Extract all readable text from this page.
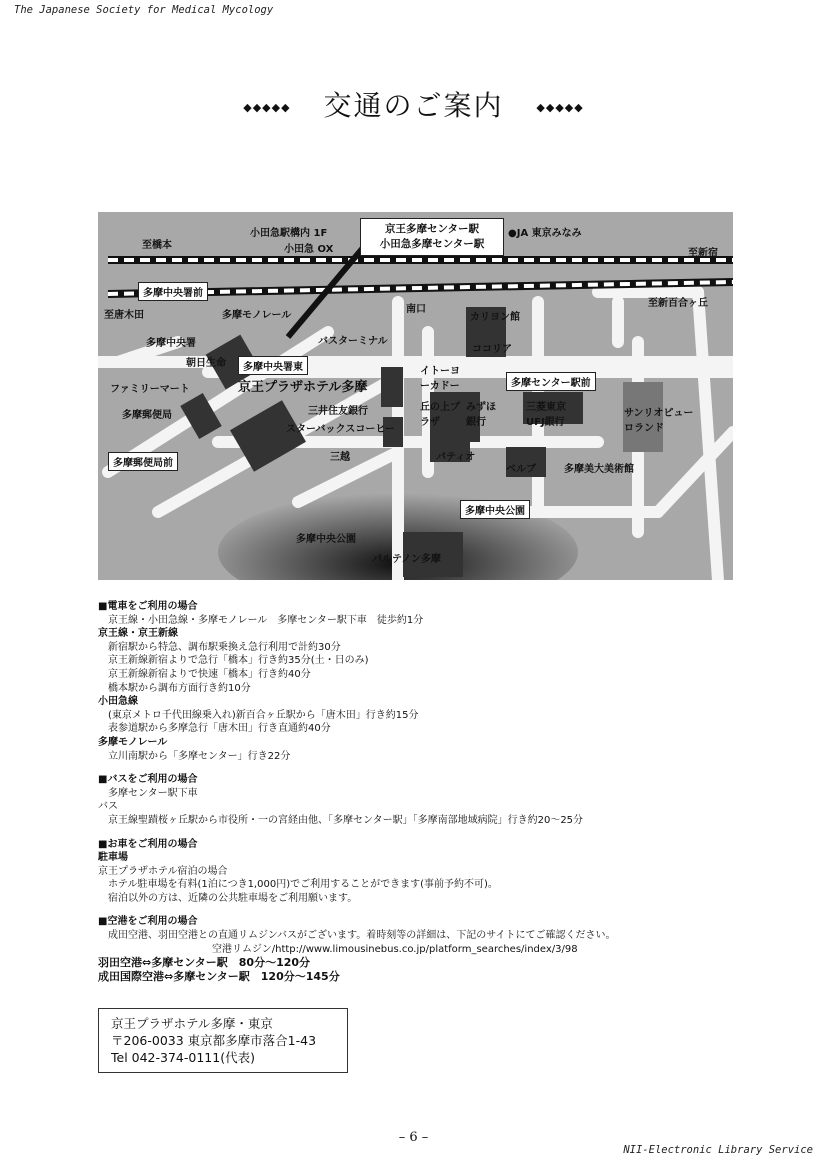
The Japanese Society for Medical Mycology
◆◆◆◆◆ 交通のご案内	◆◆◆◆◆
京王多摩センター駅
小田急多摩センター駅
小田急駅構内 1F
小田急 OX
●JA 東京みなみ
至橋本
至新宿
至新百合ヶ丘
至唐木田	多摩モノレール
多摩中央署
朝日生命
ファミリーマート
多摩郵便局
南口
カリヨン館
バスターミナル
ココリア
京王プラザホテル多摩
三井住友銀行
スターバックスコーヒー
イトーヨーカドー
丘の上プラザ
みずほ銀行
三菱東京UFJ銀行
パティオ
サンリオピューロランド
多摩美大美術館
多摩中央公園
パルテノン多摩
ベルブ
三越
多摩中央署前
多摩中央署東
多摩センター駅前
多摩郵便局前
多摩中央公園
■電車をご利用の場合
京王線・小田急線・多摩モノレール　多摩センター駅下車　徒歩約1分
京王線・京王新線
新宿駅から特急、調布駅乗換え急行利用で計約30分
京王新線新宿よりで急行「橋本」行き約35分(土・日のみ)
京王新線新宿よりで快速「橋本」行き約40分
橋本駅から調布方面行き約10分
小田急線
(東京メトロ千代田線乗入れ)新百合ヶ丘駅から「唐木田」行き約15分
表参道駅から多摩急行「唐木田」行き直通約40分
多摩モノレール
立川南駅から「多摩センター」行き22分
■バスをご利用の場合
多摩センター駅下車
バス
京王線聖蹟桜ヶ丘駅から市役所・一の宮経由他、「多摩センター駅」「多摩南部地域病院」行き約20～25分
■お車をご利用の場合
駐車場
京王プラザホテル宿泊の場合
ホテル駐車場を有料(1泊につき1,000円)でご利用することができます(事前予約不可)。
宿泊以外の方は、近隣の公共駐車場をご利用願います。
■空港をご利用の場合
成田空港、羽田空港との直通リムジンバスがございます。着時刻等の詳細は、下記のサイトにてご確認ください。
空港リムジン/http://www.limousinebus.co.jp/platform_searches/index/3/98
羽田空港⇔多摩センター駅　80分～120分
成田国際空港⇔多摩センター駅　120分～145分
京王プラザホテル多摩・東京
〒206-0033 東京都多摩市落合1-43
Tel 042-374-0111(代表)
– 6 –
NII-Electronic Library Service
